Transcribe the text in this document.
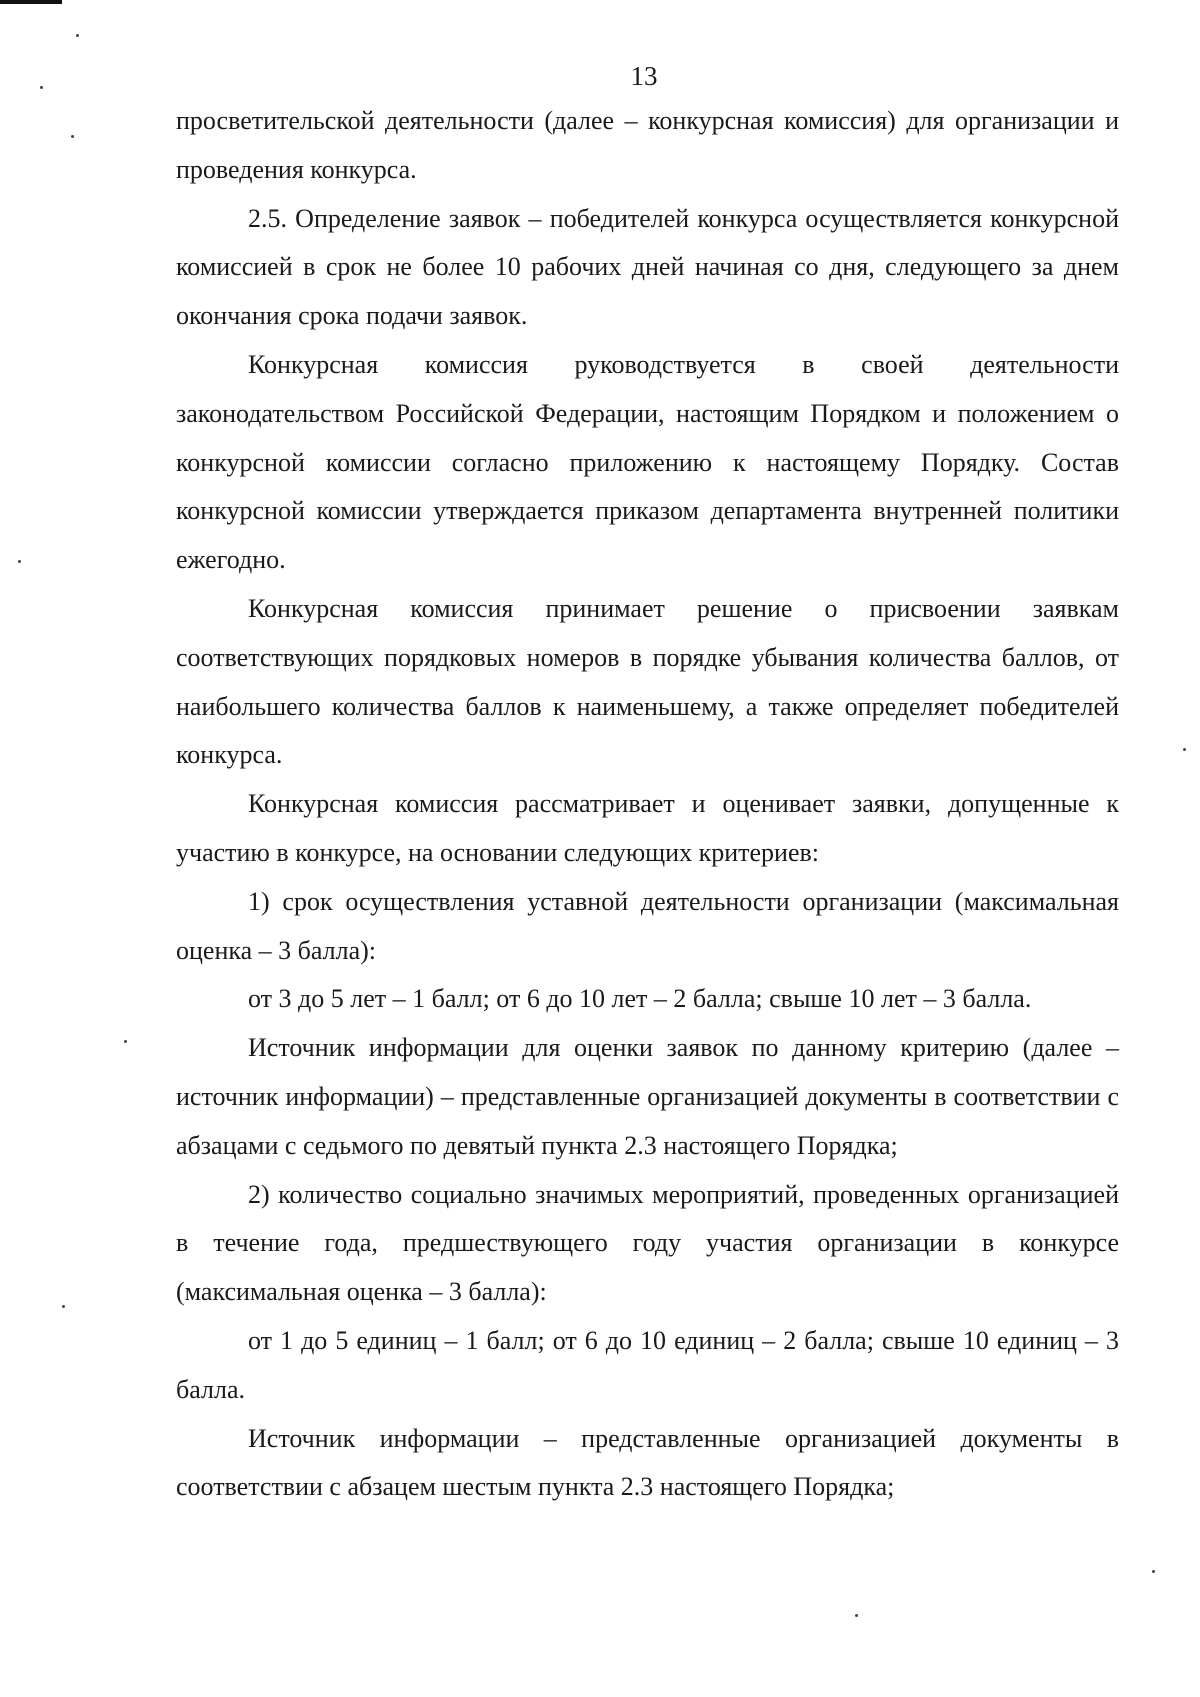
13

просветительской деятельности (далее – конкурсная комиссия) для организации и проведения конкурса.

2.5. Определение заявок – победителей конкурса осуществляется конкурсной комиссией в срок не более 10 рабочих дней начиная со дня, следующего за днем окончания срока подачи заявок.

Конкурсная комиссия руководствуется в своей деятельности законодательством Российской Федерации, настоящим Порядком и положением о конкурсной комиссии согласно приложению к настоящему Порядку. Состав конкурсной комиссии утверждается приказом департамента внутренней политики ежегодно.

Конкурсная комиссия принимает решение о присвоении заявкам соответствующих порядковых номеров в порядке убывания количества баллов, от наибольшего количества баллов к наименьшему, а также определяет победителей конкурса.

Конкурсная комиссия рассматривает и оценивает заявки, допущенные к участию в конкурсе, на основании следующих критериев:

1) срок осуществления уставной деятельности организации (максимальная оценка – 3 балла):

от 3 до 5 лет – 1 балл; от 6 до 10 лет – 2 балла; свыше 10 лет – 3 балла.

Источник информации для оценки заявок по данному критерию (далее – источник информации) – представленные организацией документы в соответствии с абзацами с седьмого по девятый пункта 2.3 настоящего Порядка;

2) количество социально значимых мероприятий, проведенных организацией в течение года, предшествующего году участия организации в конкурсе (максимальная оценка – 3 балла):

от 1 до 5 единиц – 1 балл; от 6 до 10 единиц – 2 балла; свыше 10 единиц – 3 балла.

Источник информации – представленные организацией документы в соответствии с абзацем шестым пункта 2.3 настоящего Порядка;
